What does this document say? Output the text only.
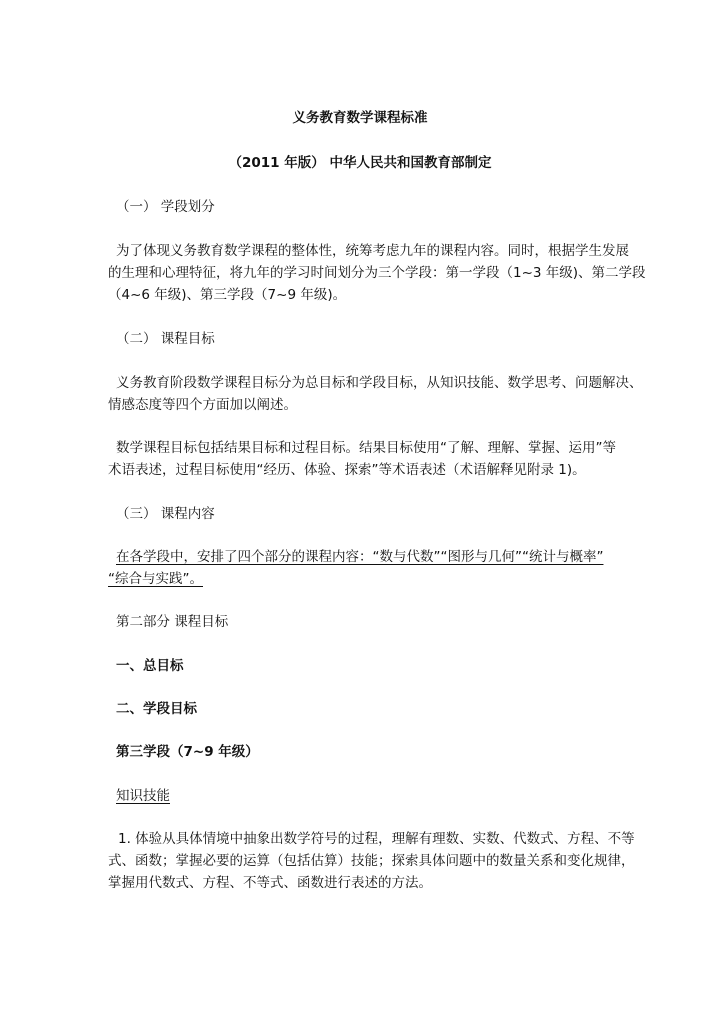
义务教育数学课程标准
（2011 年版） 中华人民共和国教育部制定
（一） 学段划分
为了体现义务教育数学课程的整体性，统筹考虑九年的课程内容。同时，根据学生发展
的生理和心理特征，将九年的学习时间划分为三个学段：第一学段（1~3 年级)、第二学段
（4~6 年级)、第三学段（7~9 年级)。
（二） 课程目标
义务教育阶段数学课程目标分为总目标和学段目标，从知识技能、数学思考、问题解决、
情感态度等四个方面加以阐述。
数学课程目标包括结果目标和过程目标。结果目标使用“了解、理解、掌握、运用”等
术语表述，过程目标使用“经历、体验、探索”等术语表述（术语解释见附录 1)。
（三） 课程内容
在各学段中，安排了四个部分的课程内容：“数与代数”“图形与几何”“统计与概率”
“综合与实践”。
第二部分 课程目标
一、总目标
二、学段目标
第三学段（7~9 年级）
知识技能
1. 体验从具体情境中抽象出数学符号的过程，理解有理数、实数、代数式、方程、不等
式、函数；掌握必要的运算（包括估算）技能；探索具体问题中的数量关系和变化规律，
掌握用代数式、方程、不等式、函数进行表述的方法。
